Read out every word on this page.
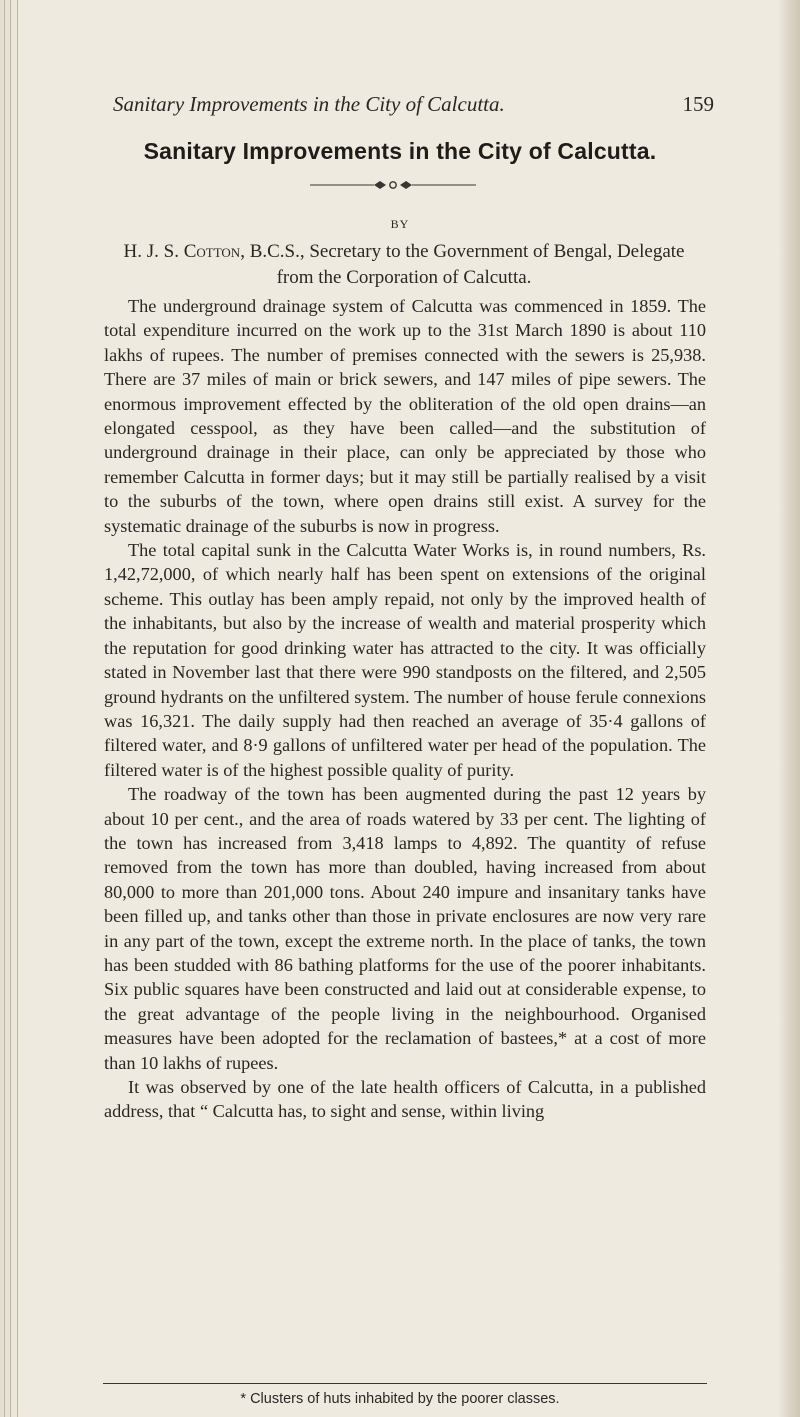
Sanitary Improvements in the City of Calcutta.	159
Sanitary Improvements in the City of Calcutta.
BY
H. J. S. Cotton, B.C.S., Secretary to the Government of Bengal, Delegate from the Corporation of Calcutta.

The underground drainage system of Calcutta was commenced in 1859. The total expenditure incurred on the work up to the 31st March 1890 is about 110 lakhs of rupees. The number of premises connected with the sewers is 25,938. There are 37 miles of main or brick sewers, and 147 miles of pipe sewers. The enormous improvement effected by the obliteration of the old open drains—an elongated cesspool, as they have been called—and the substitution of underground drainage in their place, can only be appreciated by those who remember Calcutta in former days; but it may still be partially realised by a visit to the suburbs of the town, where open drains still exist. A survey for the systematic drainage of the suburbs is now in progress.

The total capital sunk in the Calcutta Water Works is, in round numbers, Rs. 1,42,72,000, of which nearly half has been spent on extensions of the original scheme. This outlay has been amply repaid, not only by the improved health of the inhabitants, but also by the increase of wealth and material prosperity which the reputation for good drinking water has attracted to the city. It was officially stated in November last that there were 990 standposts on the filtered, and 2,505 ground hydrants on the unfiltered system. The number of house ferule connexions was 16,321. The daily supply had then reached an average of 35·4 gallons of filtered water, and 8·9 gallons of unfiltered water per head of the population. The filtered water is of the highest possible quality of purity.

The roadway of the town has been augmented during the past 12 years by about 10 per cent., and the area of roads watered by 33 per cent. The lighting of the town has increased from 3,418 lamps to 4,892. The quantity of refuse removed from the town has more than doubled, having increased from about 80,000 to more than 201,000 tons. About 240 impure and insanitary tanks have been filled up, and tanks other than those in private enclosures are now very rare in any part of the town, except the extreme north. In the place of tanks, the town has been studded with 86 bathing platforms for the use of the poorer inhabitants. Six public squares have been constructed and laid out at considerable expense, to the great advantage of the people living in the neighbourhood. Organised measures have been adopted for the reclamation of bastees,* at a cost of more than 10 lakhs of rupees.

It was observed by one of the late health officers of Calcutta, in a published address, that “ Calcutta has, to sight and sense, within living

* Clusters of huts inhabited by the poorer classes.
